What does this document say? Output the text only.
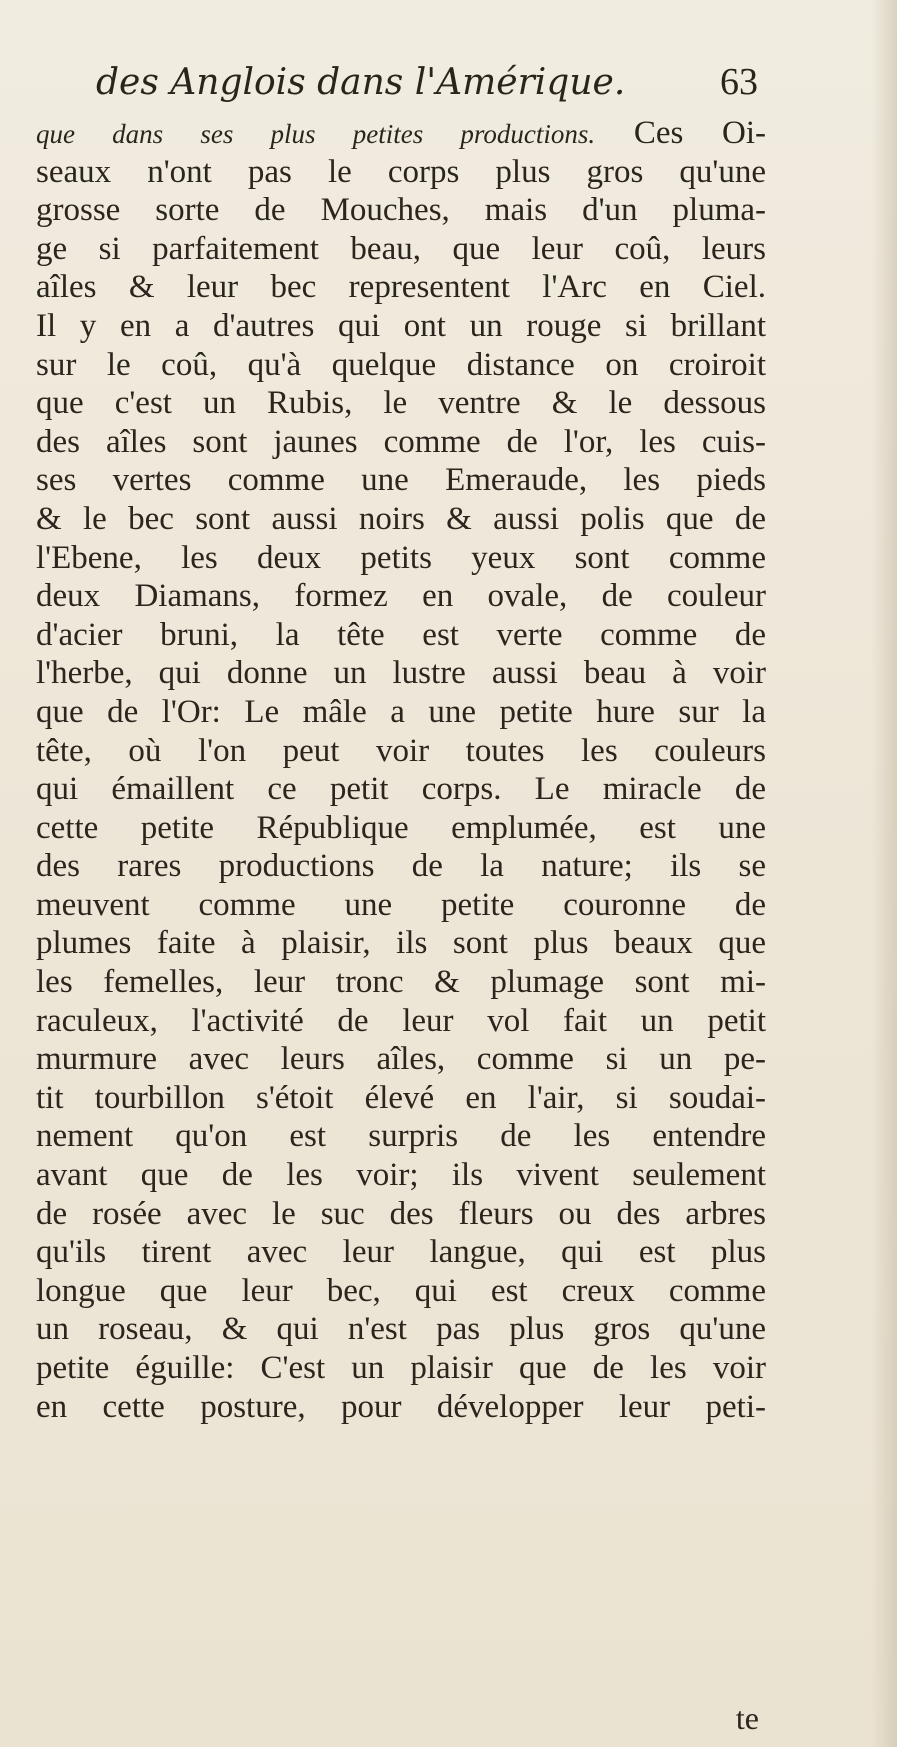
des Anglois dans l'Amérique. 63
que dans ses plus petites productions. Ces Oi-
seaux n'ont pas le corps plus gros qu'une
grosse sorte de Mouches, mais d'un pluma-
ge si parfaitement beau, que leur coû, leurs
aîles & leur bec representent l'Arc en Ciel.
Il y en a d'autres qui ont un rouge si brillant
sur le coû, qu'à quelque distance on croiroit
que c'est un Rubis, le ventre & le dessous
des aîles sont jaunes comme de l'or, les cuis-
ses vertes comme une Emeraude, les pieds
& le bec sont aussi noirs & aussi polis que de
l'Ebene, les deux petits yeux sont comme
deux Diamans, formez en ovale, de couleur
d'acier bruni, la tête est verte comme de
l'herbe, qui donne un lustre aussi beau à voir
que de l'Or: Le mâle a une petite hure sur la
tête, où l'on peut voir toutes les couleurs
qui émaillent ce petit corps. Le miracle de
cette petite République emplumée, est une
des rares productions de la nature; ils se
meuvent comme une petite couronne de
plumes faite à plaisir, ils sont plus beaux que
les femelles, leur tronc & plumage sont mi-
raculeux, l'activité de leur vol fait un petit
murmure avec leurs aîles, comme si un pe-
tit tourbillon s'étoit élevé en l'air, si soudai-
nement qu'on est surpris de les entendre
avant que de les voir; ils vivent seulement
de rosée avec le suc des fleurs ou des arbres
qu'ils tirent avec leur langue, qui est plus
longue que leur bec, qui est creux comme
un roseau, & qui n'est pas plus gros qu'une
petite éguille: C'est un plaisir que de les voir
en cette posture, pour développer leur peti-
te
